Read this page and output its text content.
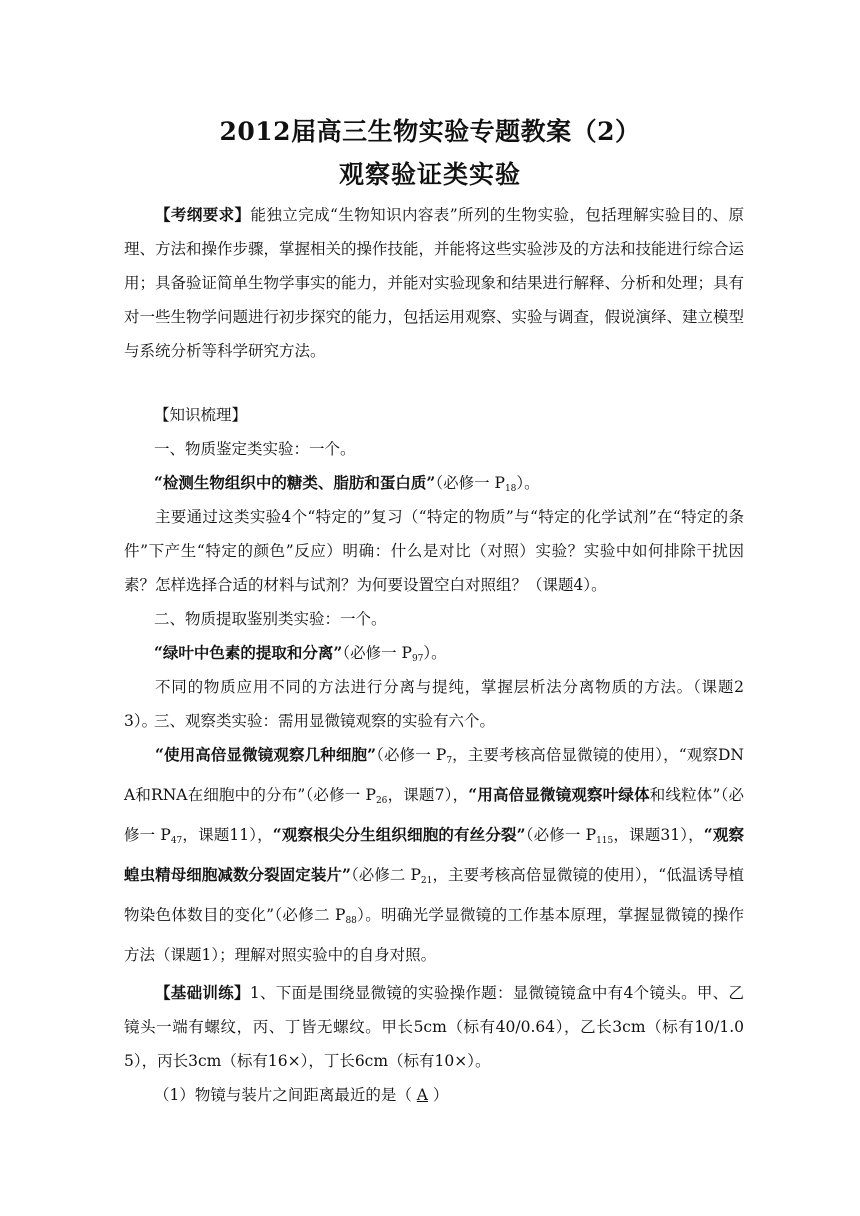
2012届高三生物实验专题教案（2）
观察验证类实验
【考纲要求】能独立完成“生物知识内容表”所列的生物实验，包括理解实验目的、原理、方法和操作步骤，掌握相关的操作技能，并能将这些实验涉及的方法和技能进行综合运用；具备验证简单生物学事实的能力，并能对实验现象和结果进行解释、分析和处理；具有对一些生物学问题进行初步探究的能力，包括运用观察、实验与调查，假说演绎、建立模型与系统分析等科学研究方法。
【知识梳理】
一、物质鉴定类实验：一个。
“检测生物组织中的糖类、脂肪和蛋白质”（必修一 $P_{18}$）。
主要通过这类实验4个“特定的”复习（“特定的物质”与“特定的化学试剂”在“特定的条件”下产生“特定的颜色”反应）明确：什么是对比（对照）实验？实验中如何排除干扰因素？怎样选择合适的材料与试剂？为何要设置空白对照组？（课题4）。
二、物质提取鉴别类实验：一个。
“绿叶中色素的提取和分离”（必修一 $P_{97}$）。
不同的物质应用不同的方法进行分离与提纯，掌握层析法分离物质的方法。（课题23）。
三、观察类实验：需用显微镜观察的实验有六个。
“使用高倍显微镜观察几种细胞”（必修一 $P_7$，主要考核高倍显微镜的使用），“观察DNA和RNA在细胞中的分布”（必修一 $P_{26}$，课题7），“用高倍显微镜观察叶绿体和线粒体”（必修一 $P_{47}$，课题11），“观察根尖分生组织细胞的有丝分裂”（必修一 $P_{115}$，课题31），“观察蝗虫精母细胞减数分裂固定装片”（必修二 $P_{21}$，主要考核高倍显微镜的使用），“低温诱导植物染色体数目的变化”（必修二 $P_{88}$）。明确光学显微镜的工作基本原理，掌握显微镜的操作方法（课题1）；理解对照实验中的自身对照。
【基础训练】1、下面是围绕显微镜的实验操作题：显微镜镜盒中有4个镜头。甲、乙镜头一端有螺纹，丙、丁皆无螺纹。甲长5cm（标有40/0.64），乙长3cm（标有10/1.05），丙长3cm（标有16×），丁长6cm（标有10×）。
（1）物镜与装片之间距离最近的是（ A ）
